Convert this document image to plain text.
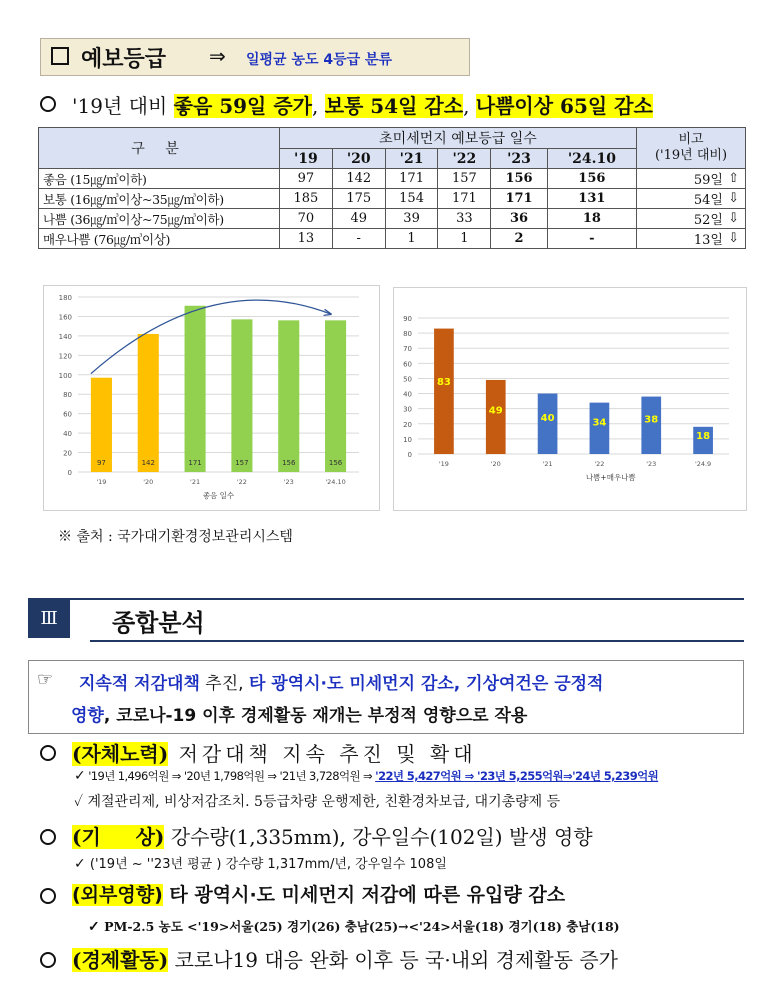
예보등급 ⇒ 일평균 농도 4등급 분류
'19년 대비 좋음 59일 증가, 보통 54일 감소, 나쁨이상 65일 감소
구 분	초미세먼지 예보등급 일수						비고
('19년 대비)
	'19	'20	'21	'22	'23	'24.10	
좋음 (15㎍/㎥이하)	97	142	171	157	156	156	59일 ⇧

보통 (16㎍/㎥이상~35㎍/㎥이하)	185	175	154	171	171	131	54일 ⇩

나쁨 (36㎍/㎥이상~75㎍/㎥이하)	70	49	39	33	36	18	52일 ⇩

매우나쁨 (76㎍/㎥이상)	13	-	1	1	2	-	13일 ⇩
0
20
40
60
80
100
120
140
160
180
97
'19
142
'20
171
'21
157
'22
156
'23
156
'24.10
좋음 일수
0
10
20
30
40
50
60
70
80
90
83
'19
49
'20
40
'21
34
'22
38
'23
18
'24.9
나쁨+매우나쁨
※ 출처 : 국가대기환경정보관리시스템
Ⅲ	종합분석
☞ 지속적 저감대책 추진, 타 광역시·도 미세먼지 감소, 기상여건은 긍정적
영향, 코로나-19 이후 경제활동 재개는 부정적 영향으로 작용
(자체노력) 저감대책 지속 추진 및 확대
✓ '19년 1,496억원 ⇒ '20년 1,798억원 ⇒ '21년 3,728억원 ⇒ '22년 5,427억원 ⇒ '23년 5,255억원⇒'24년 5,239억원
✓ 계절관리제, 비상저감조치. 5등급차량 운행제한, 친환경차보급, 대기총량제 등
(기     상) 강수량(1,335mm), 강우일수(102일) 발생 영향
✓ ('19년 ~ ''23년 평균 ) 강수량 1,317mm/년, 강우일수 108일
(외부영향) 타 광역시·도 미세먼지 저감에 따른 유입량 감소
✓ PM-2.5 농도 <'19>서울(25) 경기(26) 충남(25)→<'24>서울(18) 경기(18) 충남(18)
(경제활동) 코로나19 대응 완화 이후 등 국·내외 경제활동 증가
